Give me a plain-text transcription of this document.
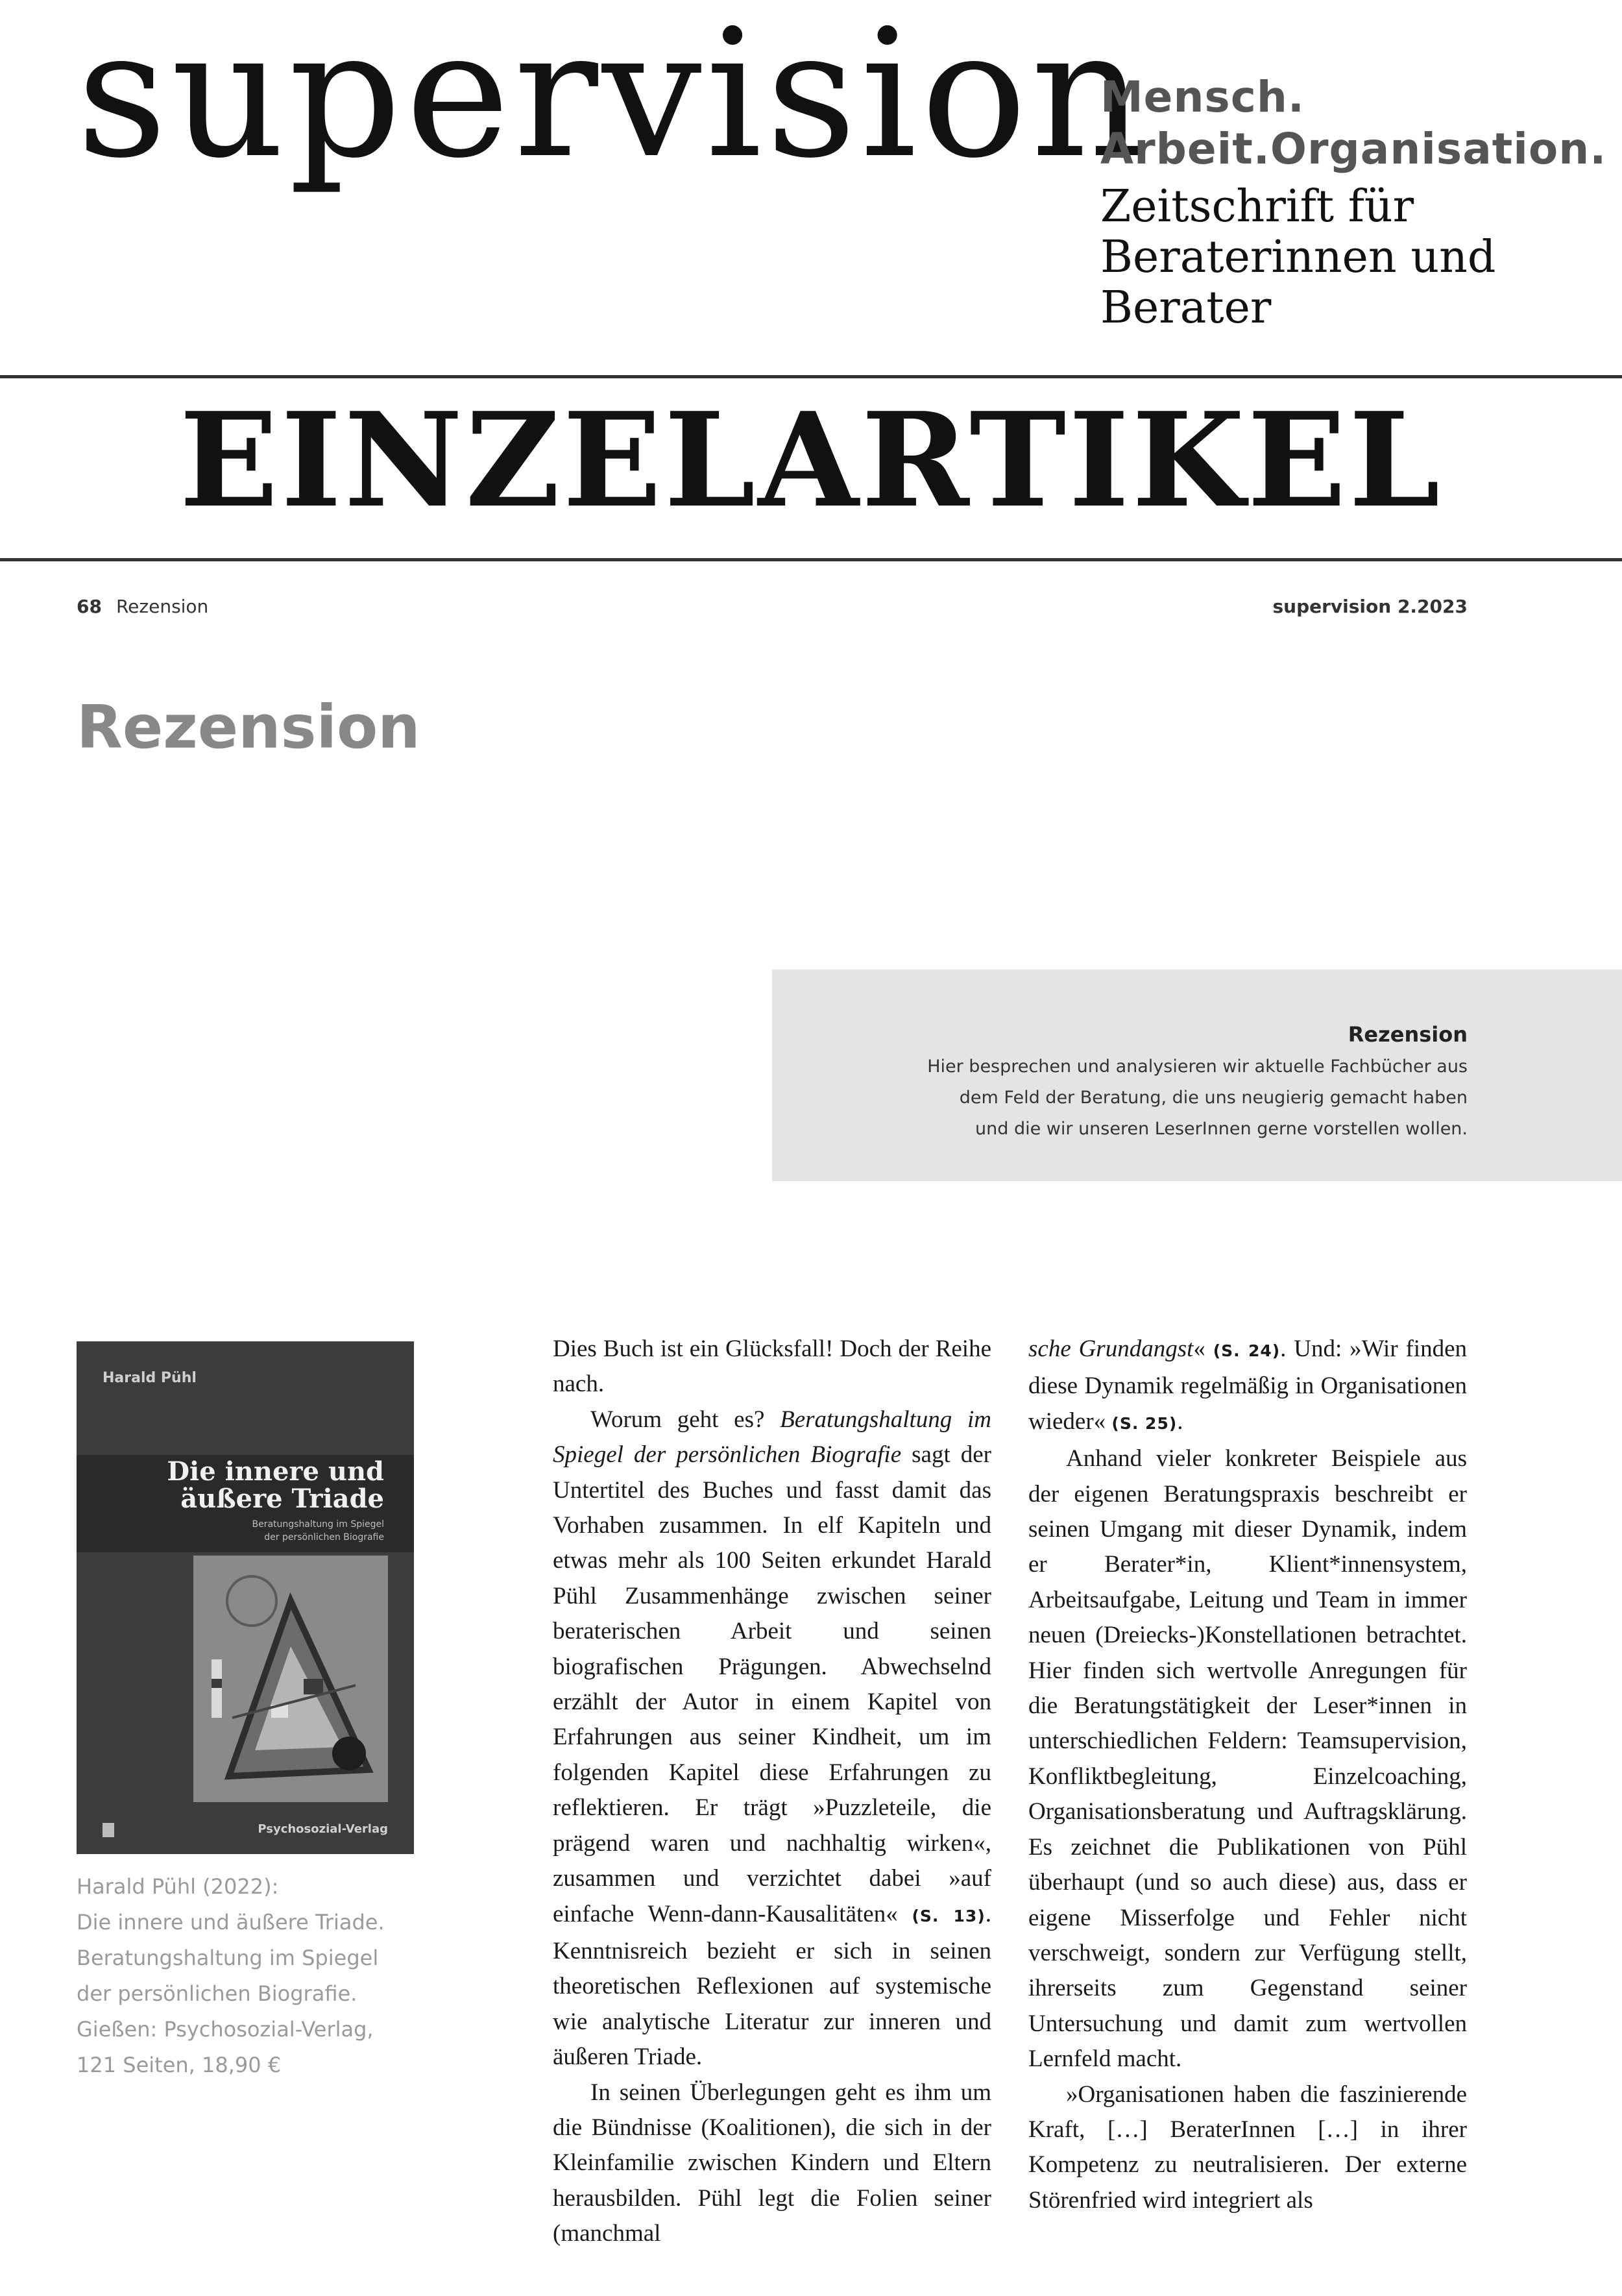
supervision
Mensch.
Arbeit.Organisation.
Zeitschrift für
Beraterinnen und
Berater
EINZELARTIKEL
68 Rezension	supervision 2.2023
Rezension
Rezension
Hier besprechen und analysieren wir aktuelle Fachbücher aus
dem Feld der Beratung, die uns neugierig gemacht haben
und die wir unseren LeserInnen gerne vorstellen wollen.
Harald Pühl
Die innere und
äußere Triade
Beratungshaltung im Spiegel
der persönlichen Biografie
Psychosozial-Verlag
Harald Pühl (2022):
Die innere und äußere Triade.
Beratungshaltung im Spiegel
der persönlichen Biografie.
Gießen: Psychosozial-Verlag,
121 Seiten, 18,90 €

Dies Buch ist ein Glücksfall! Doch der Reihe nach.

Worum geht es? Beratungshaltung im Spiegel der persönlichen Biografie sagt der Untertitel des Buches und fasst damit das Vorhaben zusammen. In elf Kapiteln und etwas mehr als 100 Seiten erkundet Harald Pühl Zusammenhänge zwischen seiner beraterischen Arbeit und seinen biografischen Prägungen. Abwechselnd erzählt der Autor in einem Kapitel von Erfahrungen aus seiner Kindheit, um im folgenden Kapitel diese Erfahrungen zu reflektieren. Er trägt »Puzzleteile, die prägend waren und nachhaltig wirken«, zusammen und verzichtet dabei »auf einfache Wenn-dann-Kausalitäten« (S. 13). Kenntnisreich bezieht er sich in seinen theoretischen Reflexionen auf systemische wie analytische Literatur zur inneren und äußeren Triade.

In seinen Überlegungen geht es ihm um die Bündnisse (Koalitionen), die sich in der Kleinfamilie zwischen Kindern und Eltern herausbilden. Pühl legt die Folien seiner (manchmal

sche Grundangst« (S. 24). Und: »Wir finden diese Dynamik regelmäßig in Organisationen wieder« (S. 25).

Anhand vieler konkreter Beispiele aus der eigenen Beratungspraxis beschreibt er seinen Umgang mit dieser Dynamik, indem er Berater*in, Klient*innensystem, Arbeitsaufgabe, Leitung und Team in immer neuen (Dreiecks-)Konstellationen betrachtet. Hier finden sich wertvolle Anregungen für die Beratungstätigkeit der Leser*innen in unterschiedlichen Feldern: Teamsupervision, Konfliktbegleitung, Einzelcoaching, Organisationsberatung und Auftragsklärung. Es zeichnet die Publikationen von Pühl überhaupt (und so auch diese) aus, dass er eigene Misserfolge und Fehler nicht verschweigt, sondern zur Verfügung stellt, ihrerseits zum Gegenstand seiner Untersuchung und damit zum wertvollen Lernfeld macht.

»Organisationen haben die faszinierende Kraft, […] BeraterInnen […] in ihrer Kompetenz zu neutralisieren. Der externe Störenfried wird integriert als
